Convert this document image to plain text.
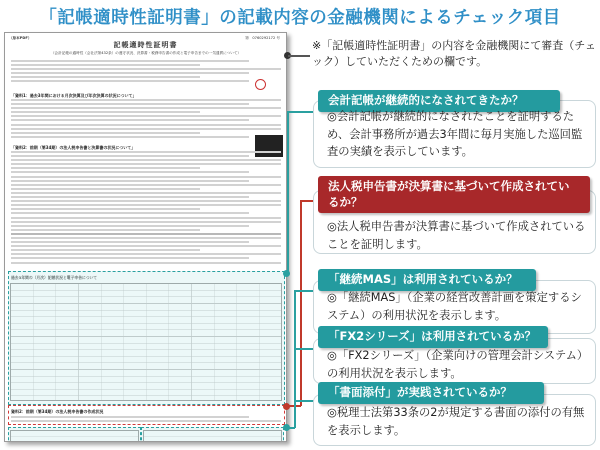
「記帳適時性証明書」の記載内容の金融機関によるチェック項目
（原本PDF）	第　0760292172 号
記帳適時性証明書
（会計記帳の適時性（会社法第432条）の遵守状況、決算書・税務申告書の作成と電子申告までの一気通貫について）
「資料1：過去3年間における月次決算及び年次決算の状況について」
「資料2：前期（第34期）の法人税申告書と決算書の状況について」
過去3年間の（月次）記帳状況と電子申告について
資料2：前期（第34期）の法人税申告書の作成状況
※「記帳適時性証明書」の内容を金融機関にて審査（チェック）していただくための欄です。
会計記帳が継続的になされてきたか？
◎会計記帳が継続的になされたことを証明するため、会計事務所が過去3年間に毎月実施した巡回監査の実績を表示しています。
法人税申告書が決算書に基づいて作成されているか？
◎法人税申告書が決算書に基づいて作成されていることを証明します。
「継続MAS」は利用されているか？
◎「継続MAS」（企業の経営改善計画を策定するシステム）の利用状況を表示します。
「FX2シリーズ」は利用されているか？
◎「FX2シリーズ」（企業向けの管理会計システム）の利用状況を表示します。
「書面添付」が実践されているか？
◎税理士法第33条の2が規定する書面の添付の有無を表示します。
